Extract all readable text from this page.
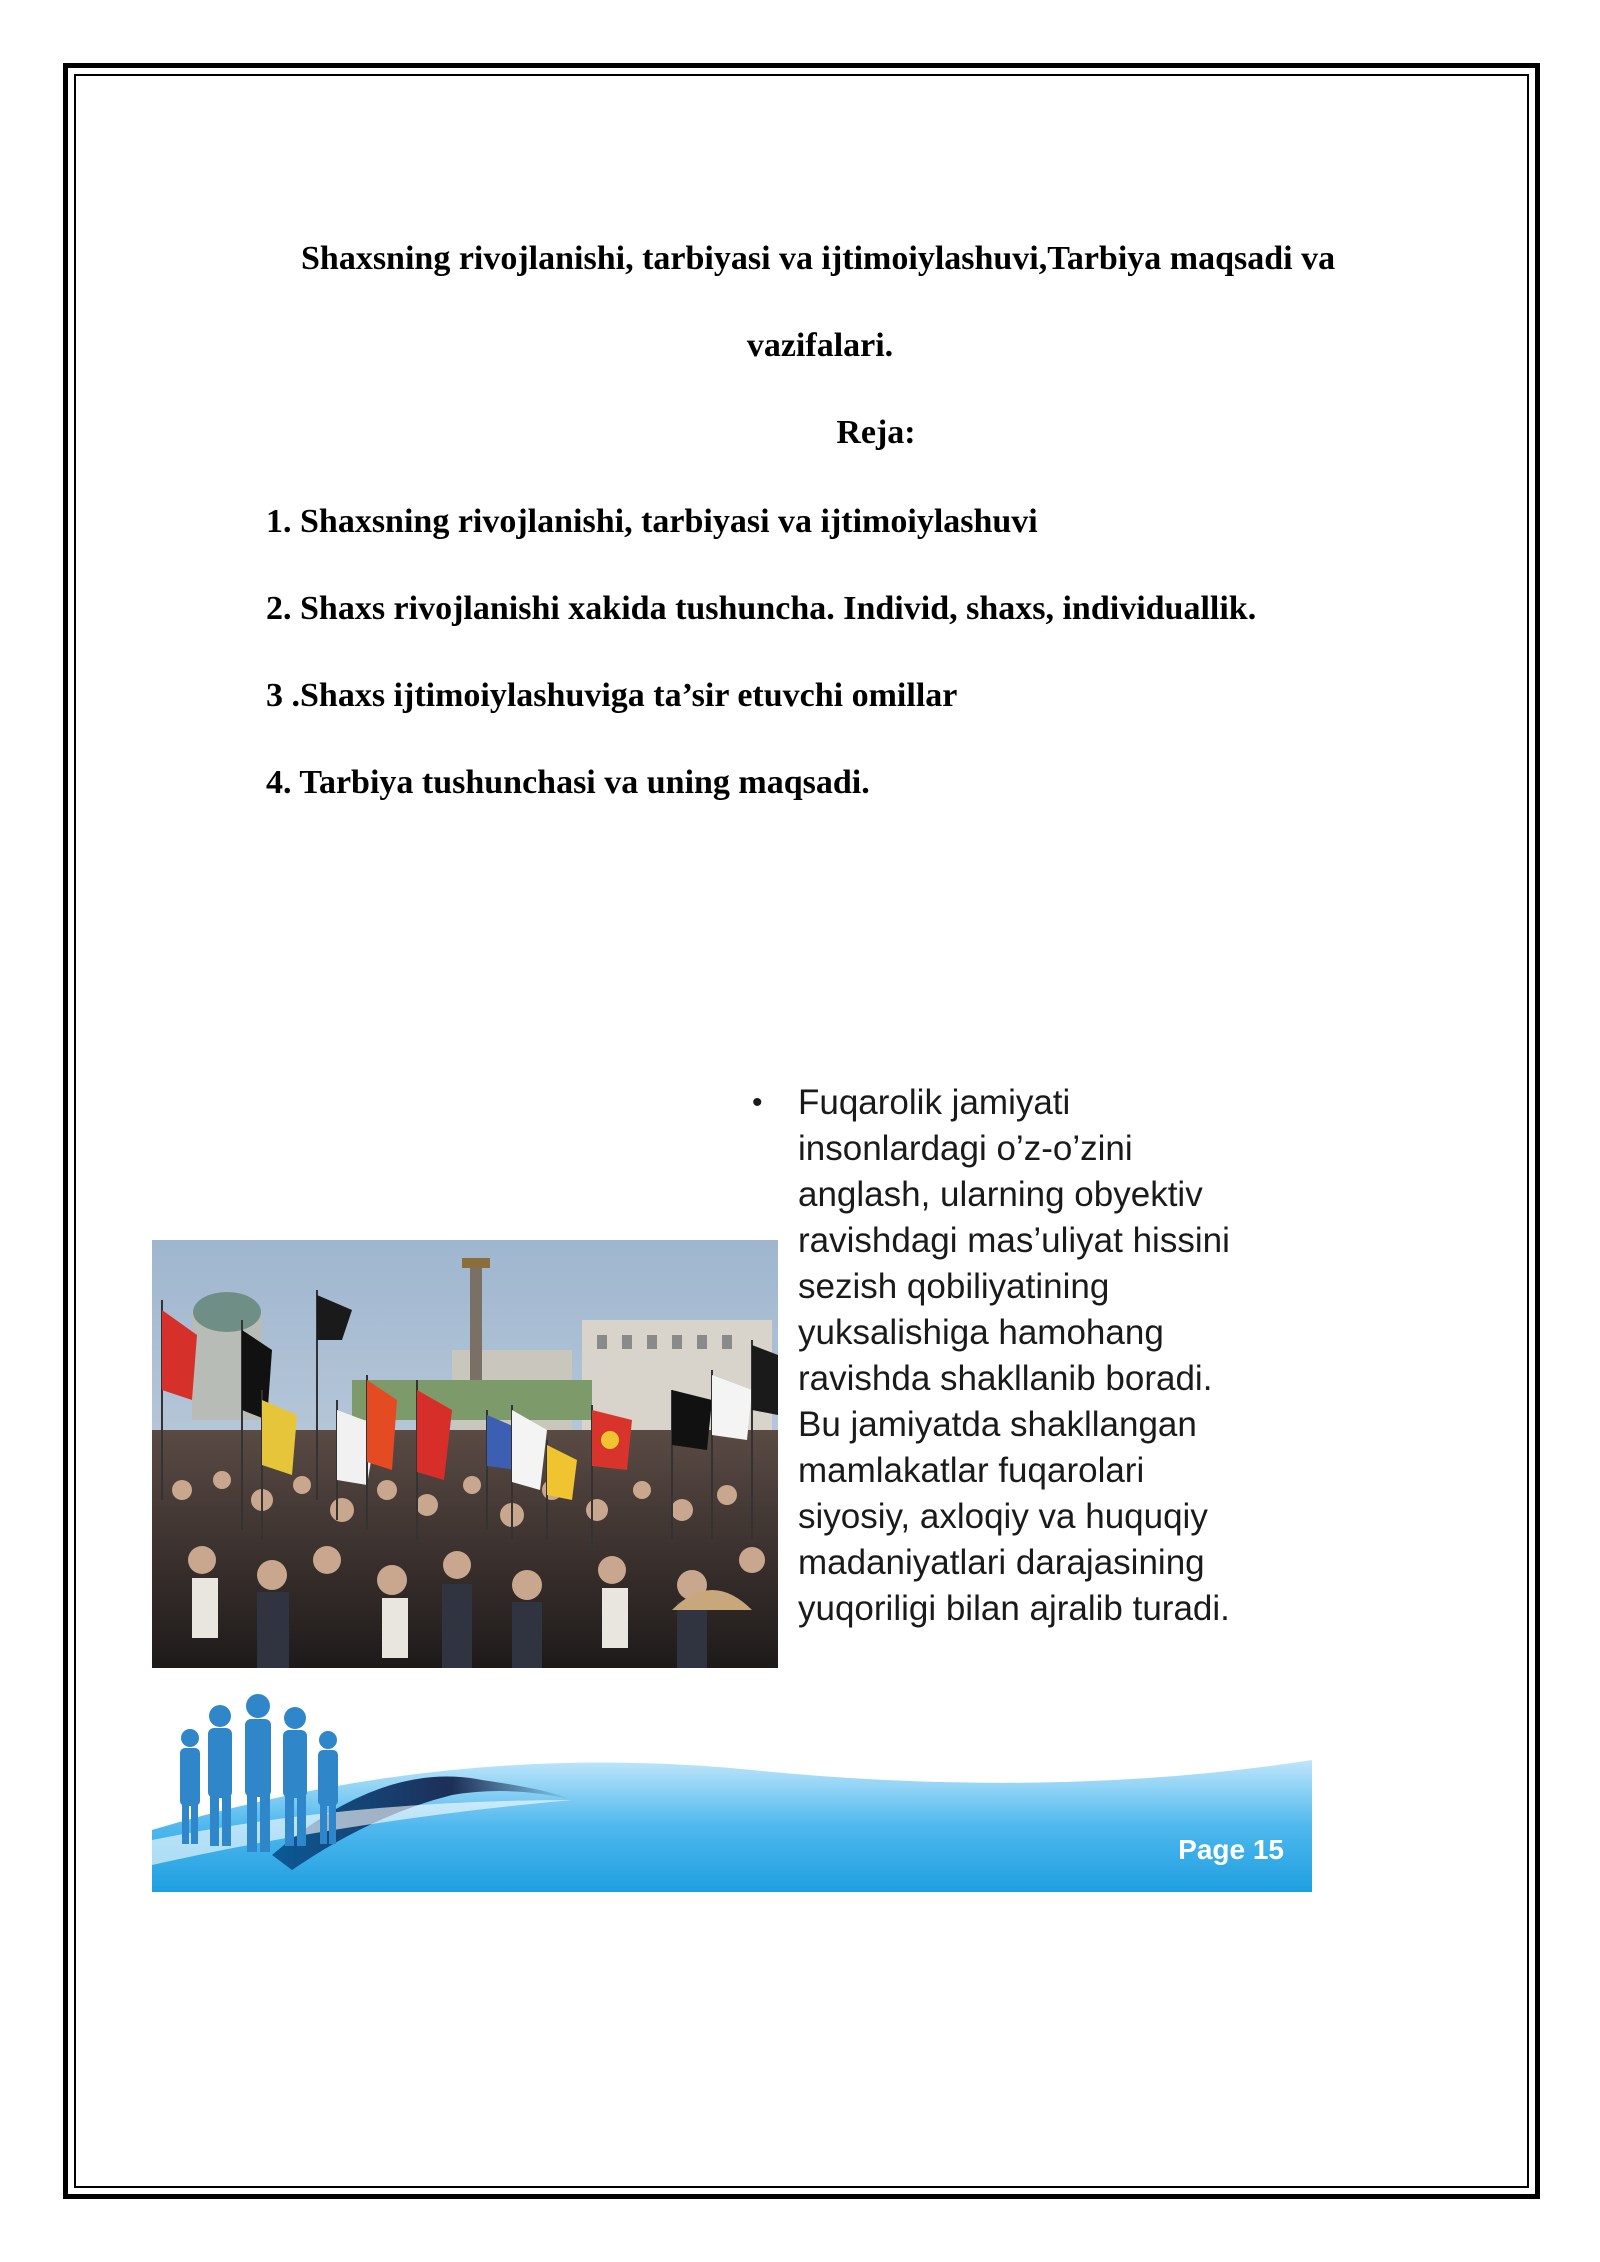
Shaxsning rivojlanishi, tarbiyasi va ijtimoiylashuvi,Tarbiya maqsadi va
vazifalari.
Reja:
1. Shaxsning rivojlanishi, tarbiyasi va ijtimoiylashuvi
2. Shaxs rivojlanishi xakida tushuncha. Individ, shaxs, individuallik.
3 .Shaxs ijtimoiylashuviga ta’sir etuvchi omillar
4. Tarbiya tushunchasi va uning maqsadi.
• Fuqarolik jamiyati insonlardagi o’z-o’zini anglash, ularning obyektiv ravishdagi mas’uliyat hissini sezish qobiliyatining yuksalishiga hamohang ravishda shakllanib boradi. Bu jamiyatda shakllangan mamlakatlar fuqarolari siyosiy, axloqiy va huquqiy madaniyatlari darajasining yuqoriligi bilan ajralib turadi.
Page 15
